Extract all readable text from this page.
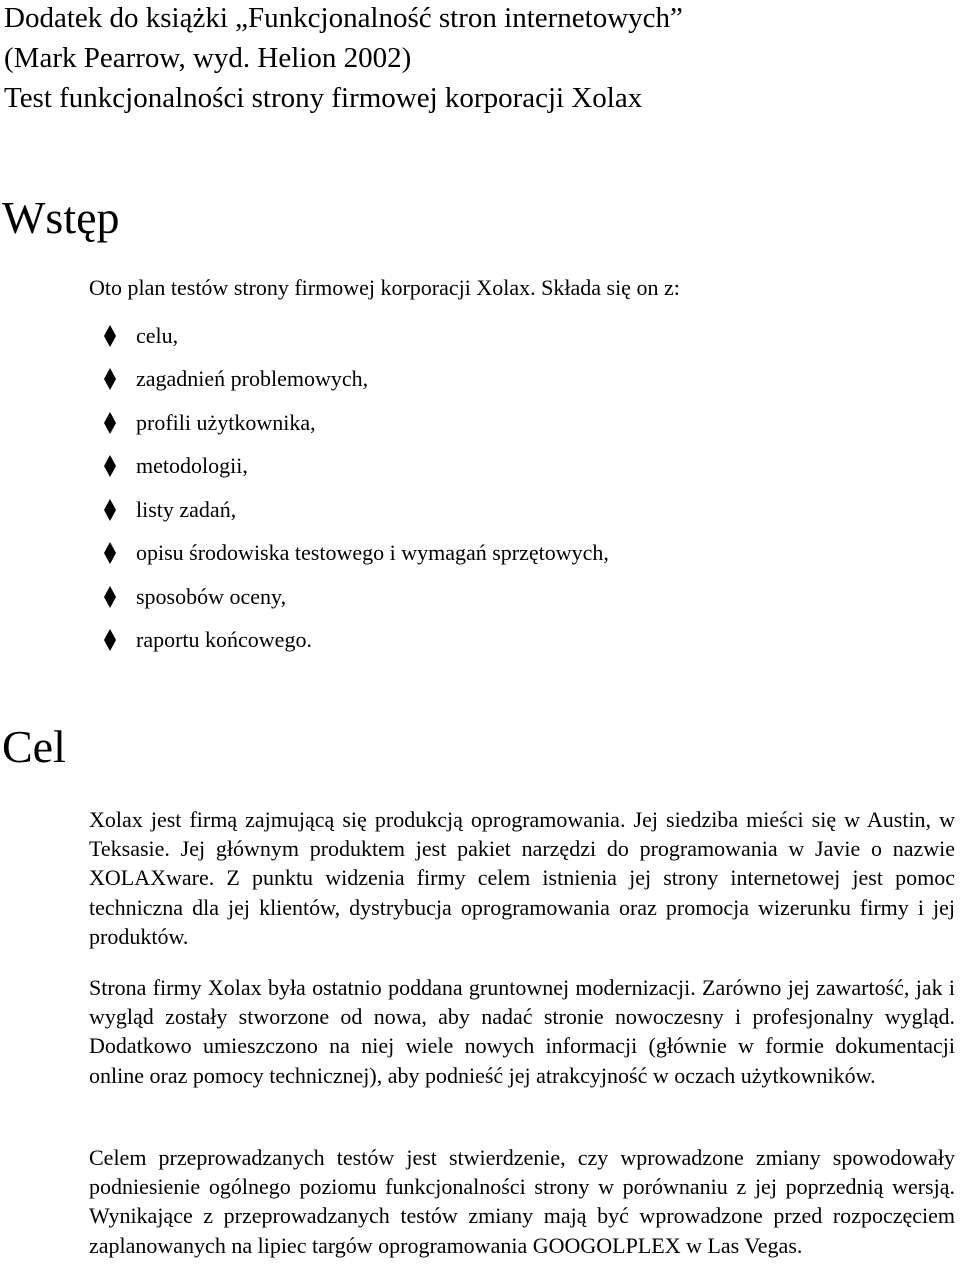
Dodatek do książki „Funkcjonalność stron internetowych”
(Mark Pearrow, wyd. Helion 2002)
Test funkcjonalności strony firmowej korporacji Xolax
Wstęp
Oto plan testów strony firmowej korporacji Xolax. Składa się on z:
celu,
zagadnień problemowych,
profili użytkownika,
metodologii,
listy zadań,
opisu środowiska testowego i wymagań sprzętowych,
sposobów oceny,
raportu końcowego.
Cel

Xolax jest firmą zajmującą się produkcją oprogramowania. Jej siedziba mieści się w Austin, w Teksasie. Jej głównym produktem jest pakiet narzędzi do programowania w Javie o nazwie XOLAXware. Z punktu widzenia firmy celem istnienia jej strony internetowej jest pomoc techniczna dla jej klientów, dystrybucja oprogramowania oraz promocja wizerunku firmy i jej produktów.

Strona firmy Xolax była ostatnio poddana gruntownej modernizacji. Zarówno jej zawartość, jak i wygląd zostały stworzone od nowa, aby nadać stronie nowoczesny i profesjonalny wygląd. Dodatkowo umieszczono na niej wiele nowych informacji (głównie w formie dokumentacji online oraz pomocy technicznej), aby podnieść jej atrakcyjność w oczach użytkowników.

Celem przeprowadzanych testów jest stwierdzenie, czy wprowadzone zmiany spowodowały podniesienie ogólnego poziomu funkcjonalności strony w porównaniu z jej poprzednią wersją. Wynikające z przeprowadzanych testów zmiany mają być wprowadzone przed rozpoczęciem zaplanowanych na lipiec targów oprogramowania GOOGOLPLEX w Las Vegas.
